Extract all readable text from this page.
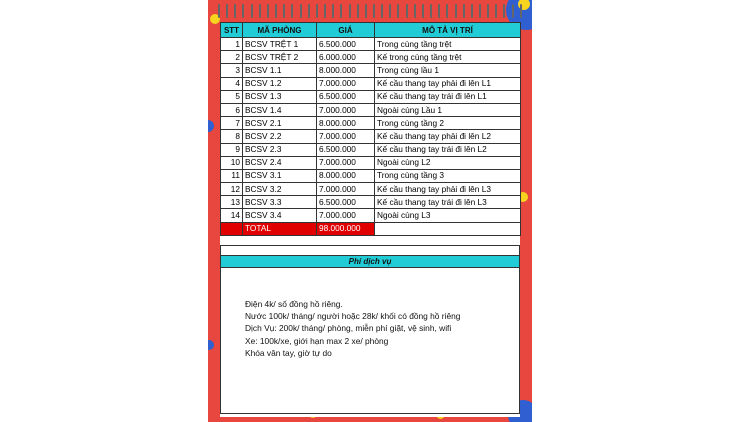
STT	MÃ PHÒNG	GIÁ	MÔ TẢ VỊ TRÍ
1	BCSV TRỆT 1	6.500.000	Trong cùng tầng trệt
2	BCSV TRỆT 2	6.000.000	Kế trong cùng tầng trệt
3	BCSV 1.1	8.000.000	Trong cùng lầu 1
4	BCSV 1.2	7.000.000	Kế cầu thang tay phải đi lên L1
5	BCSV 1.3	6.500.000	Kế cầu thang tay trái đi lên L1
6	BCSV 1.4	7.000.000	Ngoài cùng Lầu 1
7	BCSV 2.1	8.000.000	Trong cùng tầng 2
8	BCSV 2.2	7.000.000	Kế cầu thang tay phải đi lên L2
9	BCSV 2.3	6.500.000	Kế cầu thang tay trái đi lên L2
10	BCSV 2.4	7.000.000	Ngoài cùng L2
11	BCSV 3.1	8.000.000	Trong cùng tầng 3
12	BCSV 3.2	7.000.000	Kế cầu thang tay phải đi lên L3
13	BCSV 3.3	6.500.000	Kế cầu thang tay trái đi lên L3
14	BCSV 3.4	7.000.000	Ngoài cùng L3
	TOTAL	98.000.000	
Phí dịch vụ
Điện 4k/ số đồng hồ riêng.
Nước 100k/ tháng/ người hoặc 28k/ khối có đồng hồ riêng
Dịch Vụ: 200k/ tháng/ phòng, miễn phí giặt, vệ sinh, wifi
Xe: 100k/xe, giới hạn max 2 xe/ phòng
Khóa vân tay, giờ tự do
